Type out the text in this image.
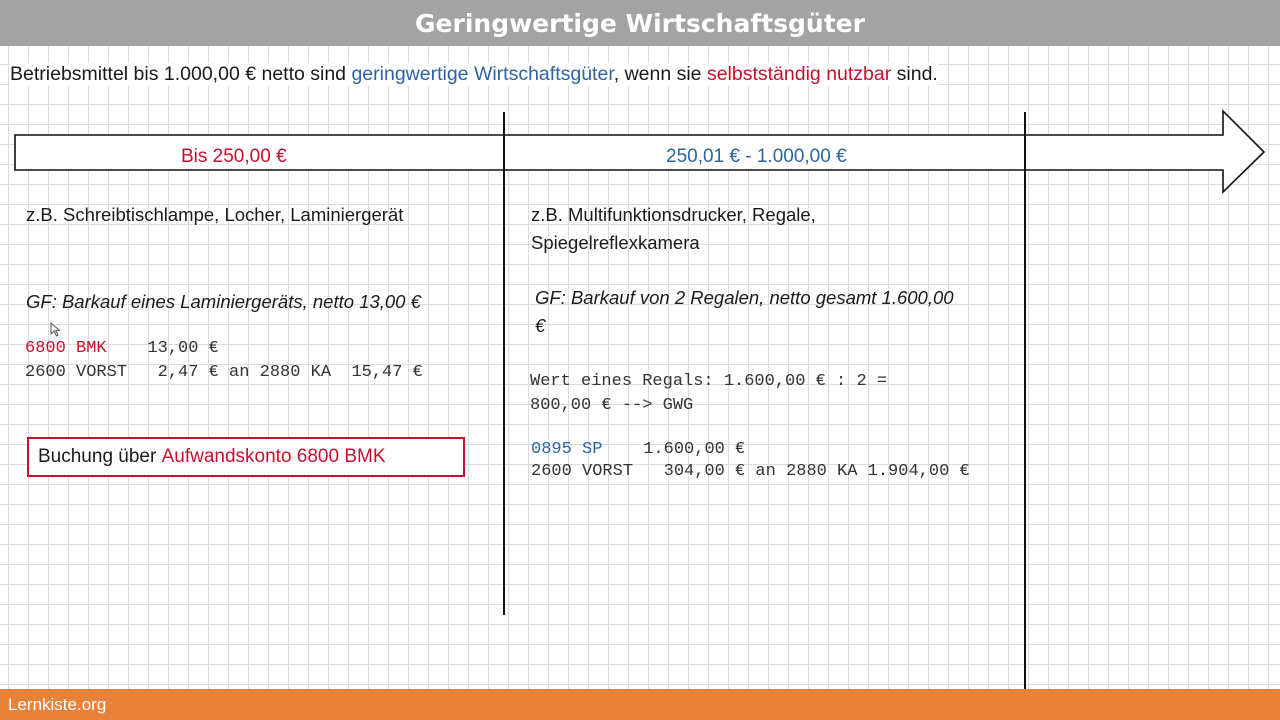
Geringwertige Wirtschaftsgüter
Betriebsmittel bis 1.000,00 € netto sind geringwertige Wirtschaftsgüter, wenn sie selbstständig nutzbar sind.
Bis 250,00 €	250,01 € - 1.000,00 €
z.B. Schreibtischlampe, Locher, Laminiergerät
GF: Barkauf eines Laminiergeräts, netto 13,00 €
6800 BMK    13,00 €
2600 VORST   2,47 € an 2880 KA  15,47 €
Buchung über Aufwandskonto 6800 BMK
z.B. Multifunktionsdrucker, Regale, Spiegelreflexkamera
GF: Barkauf von 2 Regalen, netto gesamt 1.600,00 €
Wert eines Regals: 1.600,00 € : 2 =
800,00 € --> GWG
0895 SP    1.600,00 €
2600 VORST   304,00 € an 2880 KA 1.904,00 €
Lernkiste.org
